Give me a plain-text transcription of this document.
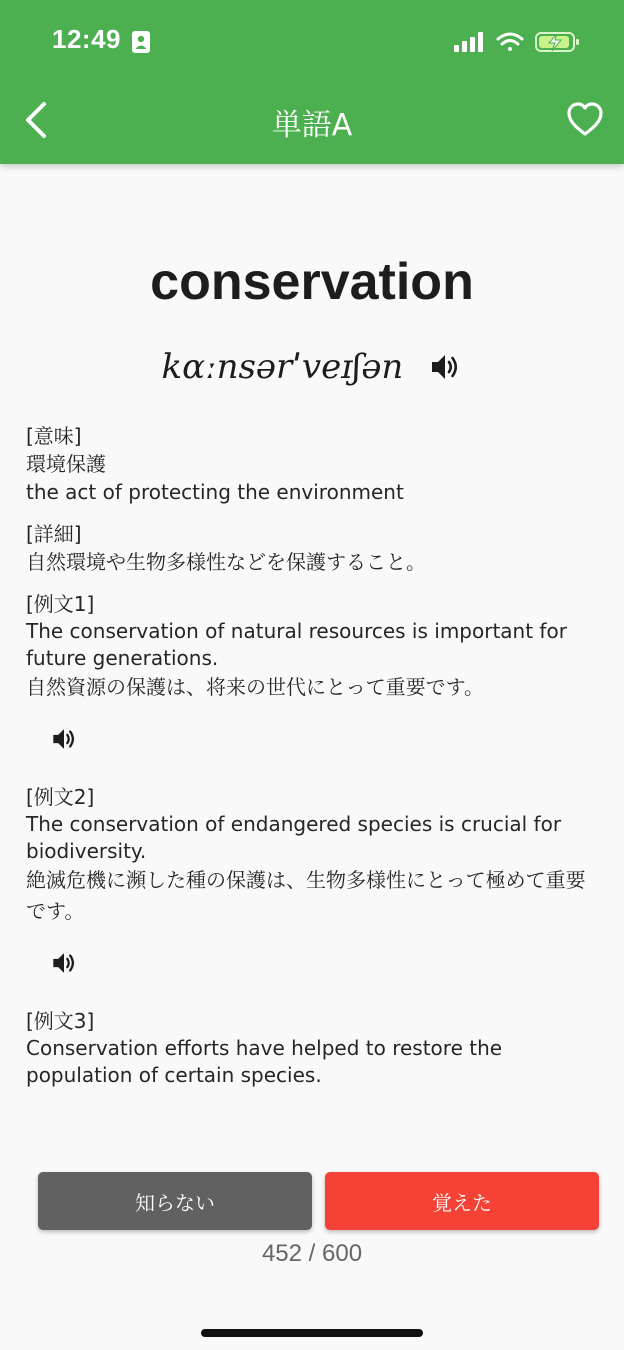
12:49
単語A
conservation
kɑːnsərˈveɪʃən

[意味]

環境保護

the act of protecting the environment

[詳細]

自然環境や生物多様性などを保護すること。

[例文1]

The conservation of natural resources is important for future generations.

自然資源の保護は、将来の世代にとって重要です。

[例文2]

The conservation of endangered species is crucial for biodiversity.

絶滅危機に瀕した種の保護は、生物多様性にとって極めて重要です。

[例文3]

Conservation efforts have helped to restore the population of certain species.

知らない	覚えた
452 / 600
